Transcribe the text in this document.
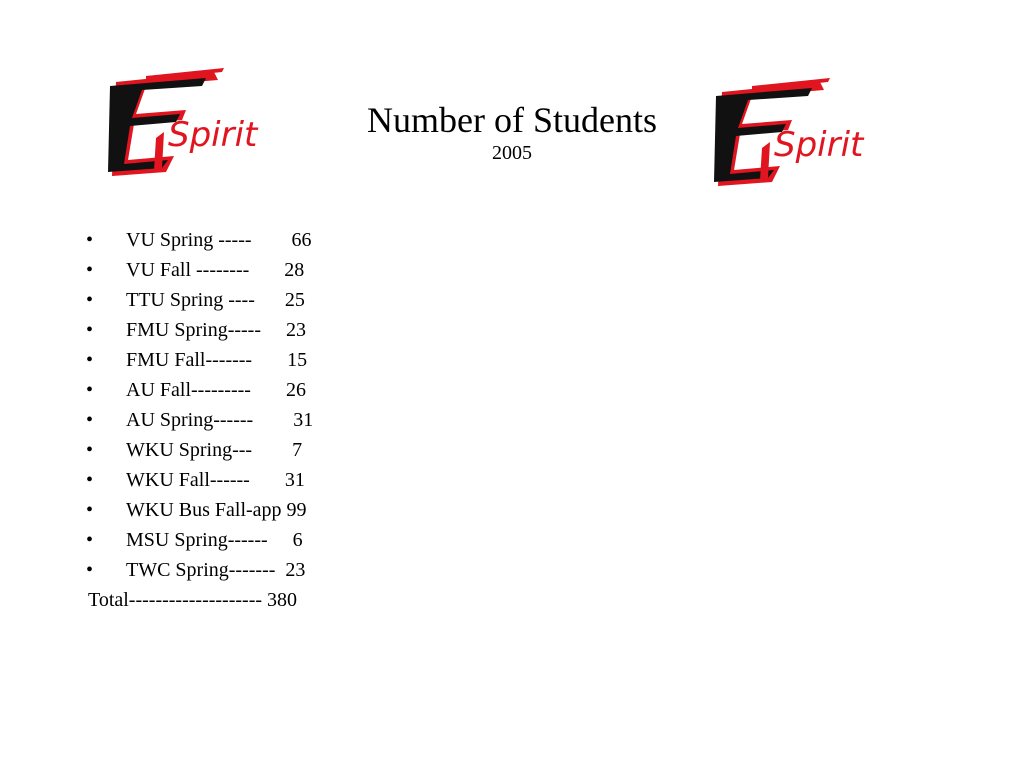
Spirit	Number of Students
2005	Spirit
• VU Spring -----        66
• VU Fall --------       28
• TTU Spring ----      25
• FMU Spring-----     23
• FMU Fall-------       15
• AU Fall---------       26
• AU Spring------        31
• WKU Spring---        7
• WKU Fall------       31
• WKU Bus Fall-app 99
• MSU Spring------     6
• TWC Spring-------  23
Total-------------------- 380
